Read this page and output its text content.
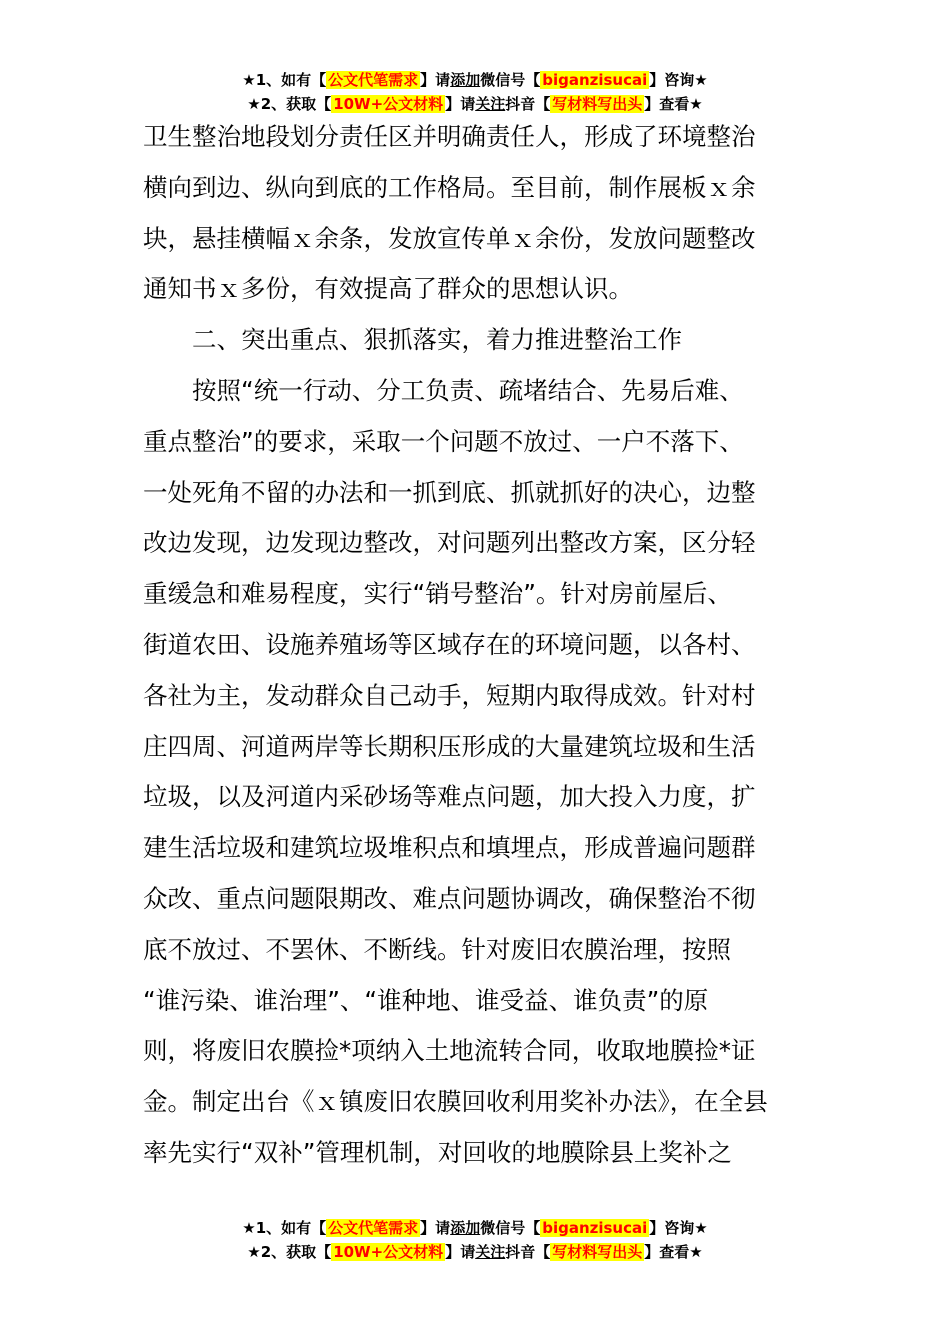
★1、如有【 公文代笔需求 】请添加微信号【 biganzisucai 】咨询★
★2、获取【 10W+公文材料 】请关注抖音【 写材料写出头 】查看★
卫生整治地段划分责任区并明确责任人，形成了环境整治
横向到边、纵向到底的工作格局。至目前，制作展板ｘ余
块，悬挂横幅ｘ余条，发放宣传单ｘ余份，发放问题整改
通知书ｘ多份，有效提高了群众的思想认识。
　　二、突出重点、狠抓落实，着力推进整治工作
　　按照“统一行动、分工负责、疏堵结合、先易后难、
重点整治”的要求，采取一个问题不放过、一户不落下、
一处死角不留的办法和一抓到底、抓就抓好的决心，边整
改边发现，边发现边整改，对问题列出整改方案，区分轻
重缓急和难易程度，实行“销号整治”。针对房前屋后、
街道农田、设施养殖场等区域存在的环境问题，以各村、
各社为主，发动群众自己动手，短期内取得成效。针对村
庄四周、河道两岸等长期积压形成的大量建筑垃圾和生活
垃圾，以及河道内采砂场等难点问题，加大投入力度，扩
建生活垃圾和建筑垃圾堆积点和填埋点，形成普遍问题群
众改、重点问题限期改、难点问题协调改，确保整治不彻
底不放过、不罢休、不断线。针对废旧农膜治理，按照
“谁污染、谁治理”、“谁种地、谁受益、谁负责”的原
则，将废旧农膜捡*项纳入土地流转合同，收取地膜捡*证
金。制定出台《ｘ镇废旧农膜回收利用奖补办法》，在全县
率先实行“双补”管理机制，对回收的地膜除县上奖补之
★1、如有【 公文代笔需求 】请添加微信号【 biganzisucai 】咨询★
★2、获取【 10W+公文材料 】请关注抖音【 写材料写出头 】查看★
